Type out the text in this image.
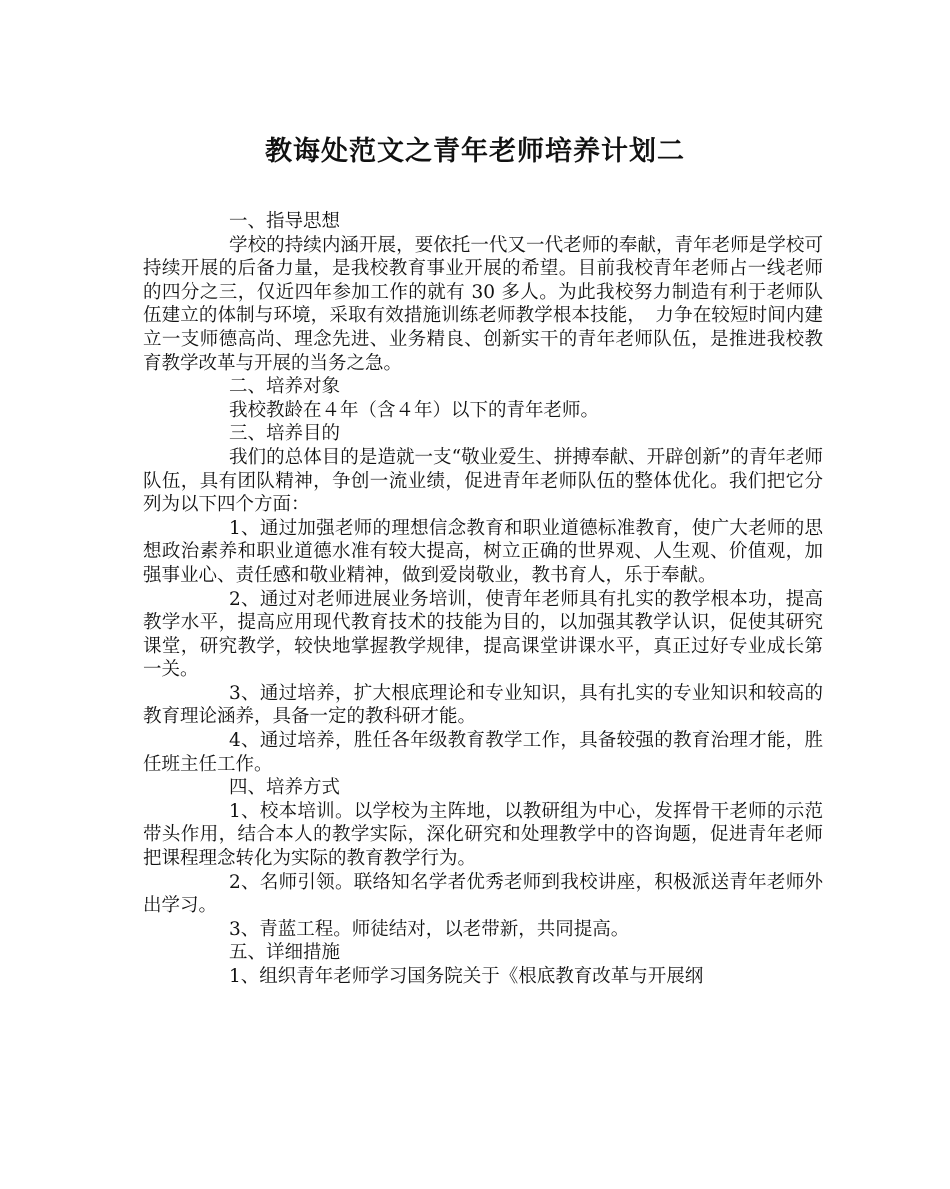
教诲处范文之青年老师培养计划二

一、指导思想

学校的持续内涵开展，要依托一代又一代老师的奉献，青年老师是学校可持续开展的后备力量，是我校教育事业开展的希望。目前我校青年老师占一线老师的四分之三，仅近四年参加工作的就有 30 多人。为此我校努力制造有利于老师队伍建立的体制与环境，采取有效措施训练老师教学根本技能，　力争在较短时间内建立一支师德高尚、理念先进、业务精良、创新实干的青年老师队伍，是推进我校教育教学改革与开展的当务之急。

二、培养对象

我校教龄在４年（含４年）以下的青年老师。

三、培养目的

我们的总体目的是造就一支“敬业爱生、拼搏奉献、开辟创新”的青年老师队伍，具有团队精神，争创一流业绩，促进青年老师队伍的整体优化。我们把它分列为以下四个方面：

1、通过加强老师的理想信念教育和职业道德标准教育，使广大老师的思想政治素养和职业道德水准有较大提高，树立正确的世界观、人生观、价值观，加强事业心、责任感和敬业精神，做到爱岗敬业，教书育人，乐于奉献。

2、通过对老师进展业务培训，使青年老师具有扎实的教学根本功，提高教学水平，提高应用现代教育技术的技能为目的，以加强其教学认识，促使其研究课堂，研究教学，较快地掌握教学规律，提高课堂讲课水平，真正过好专业成长第一关。

3、通过培养，扩大根底理论和专业知识，具有扎实的专业知识和较高的教育理论涵养，具备一定的教科研才能。

4、通过培养，胜任各年级教育教学工作，具备较强的教育治理才能，胜任班主任工作。

四、培养方式

1、校本培训。以学校为主阵地，以教研组为中心，发挥骨干老师的示范带头作用，结合本人的教学实际，深化研究和处理教学中的咨询题，促进青年老师把课程理念转化为实际的教育教学行为。

2、名师引领。联络知名学者优秀老师到我校讲座，积极派送青年老师外出学习。

3、青蓝工程。师徒结对，以老带新，共同提高。

五、详细措施

1、组织青年老师学习国务院关于《根底教育改革与开展纲
